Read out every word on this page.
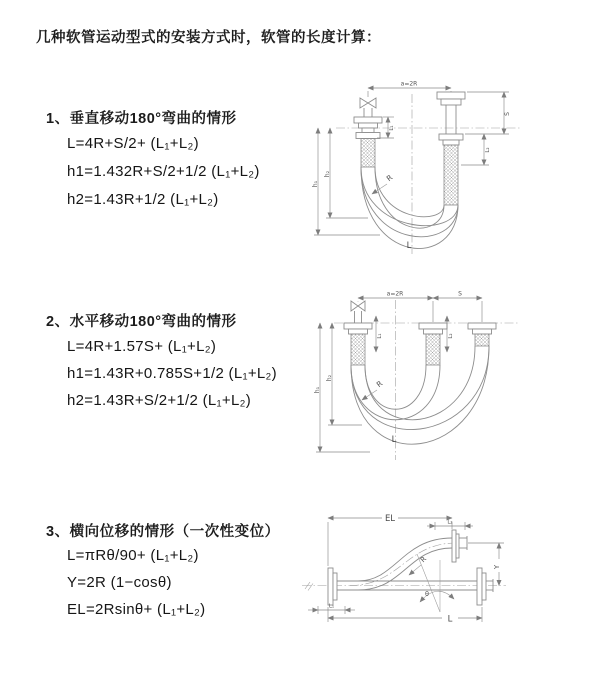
几种软管运动型式的安装方式时，软管的长度计算：
1、垂直移动180°弯曲的情形
L=4R+S/2+ (L₁+L₂)
h1=1.432R+S/2+1/2 (L₁+L₂)
h2=1.43R+1/2 (L₁+L₂)
a=2R
h₁
h₂
L₁
S
L₂
R
L
2、水平移动180°弯曲的情形
L=4R+1.57S+ (L₁+L₂)
h1=1.43R+0.785S+1/2 (L₁+L₂)
h2=1.43R+S/2+1/2 (L₁+L₂)
a=2R	S
L₁	L₂
h₁
h₂
R
L
3、横向位移的情形（一次性变位）
L=πRθ/90+ (L₁+L₂)
Y=2R (1−cosθ)
EL=2Rsinθ+ (L₁+L₂)
EL	L₂
Y
R
θ
L
L₁
